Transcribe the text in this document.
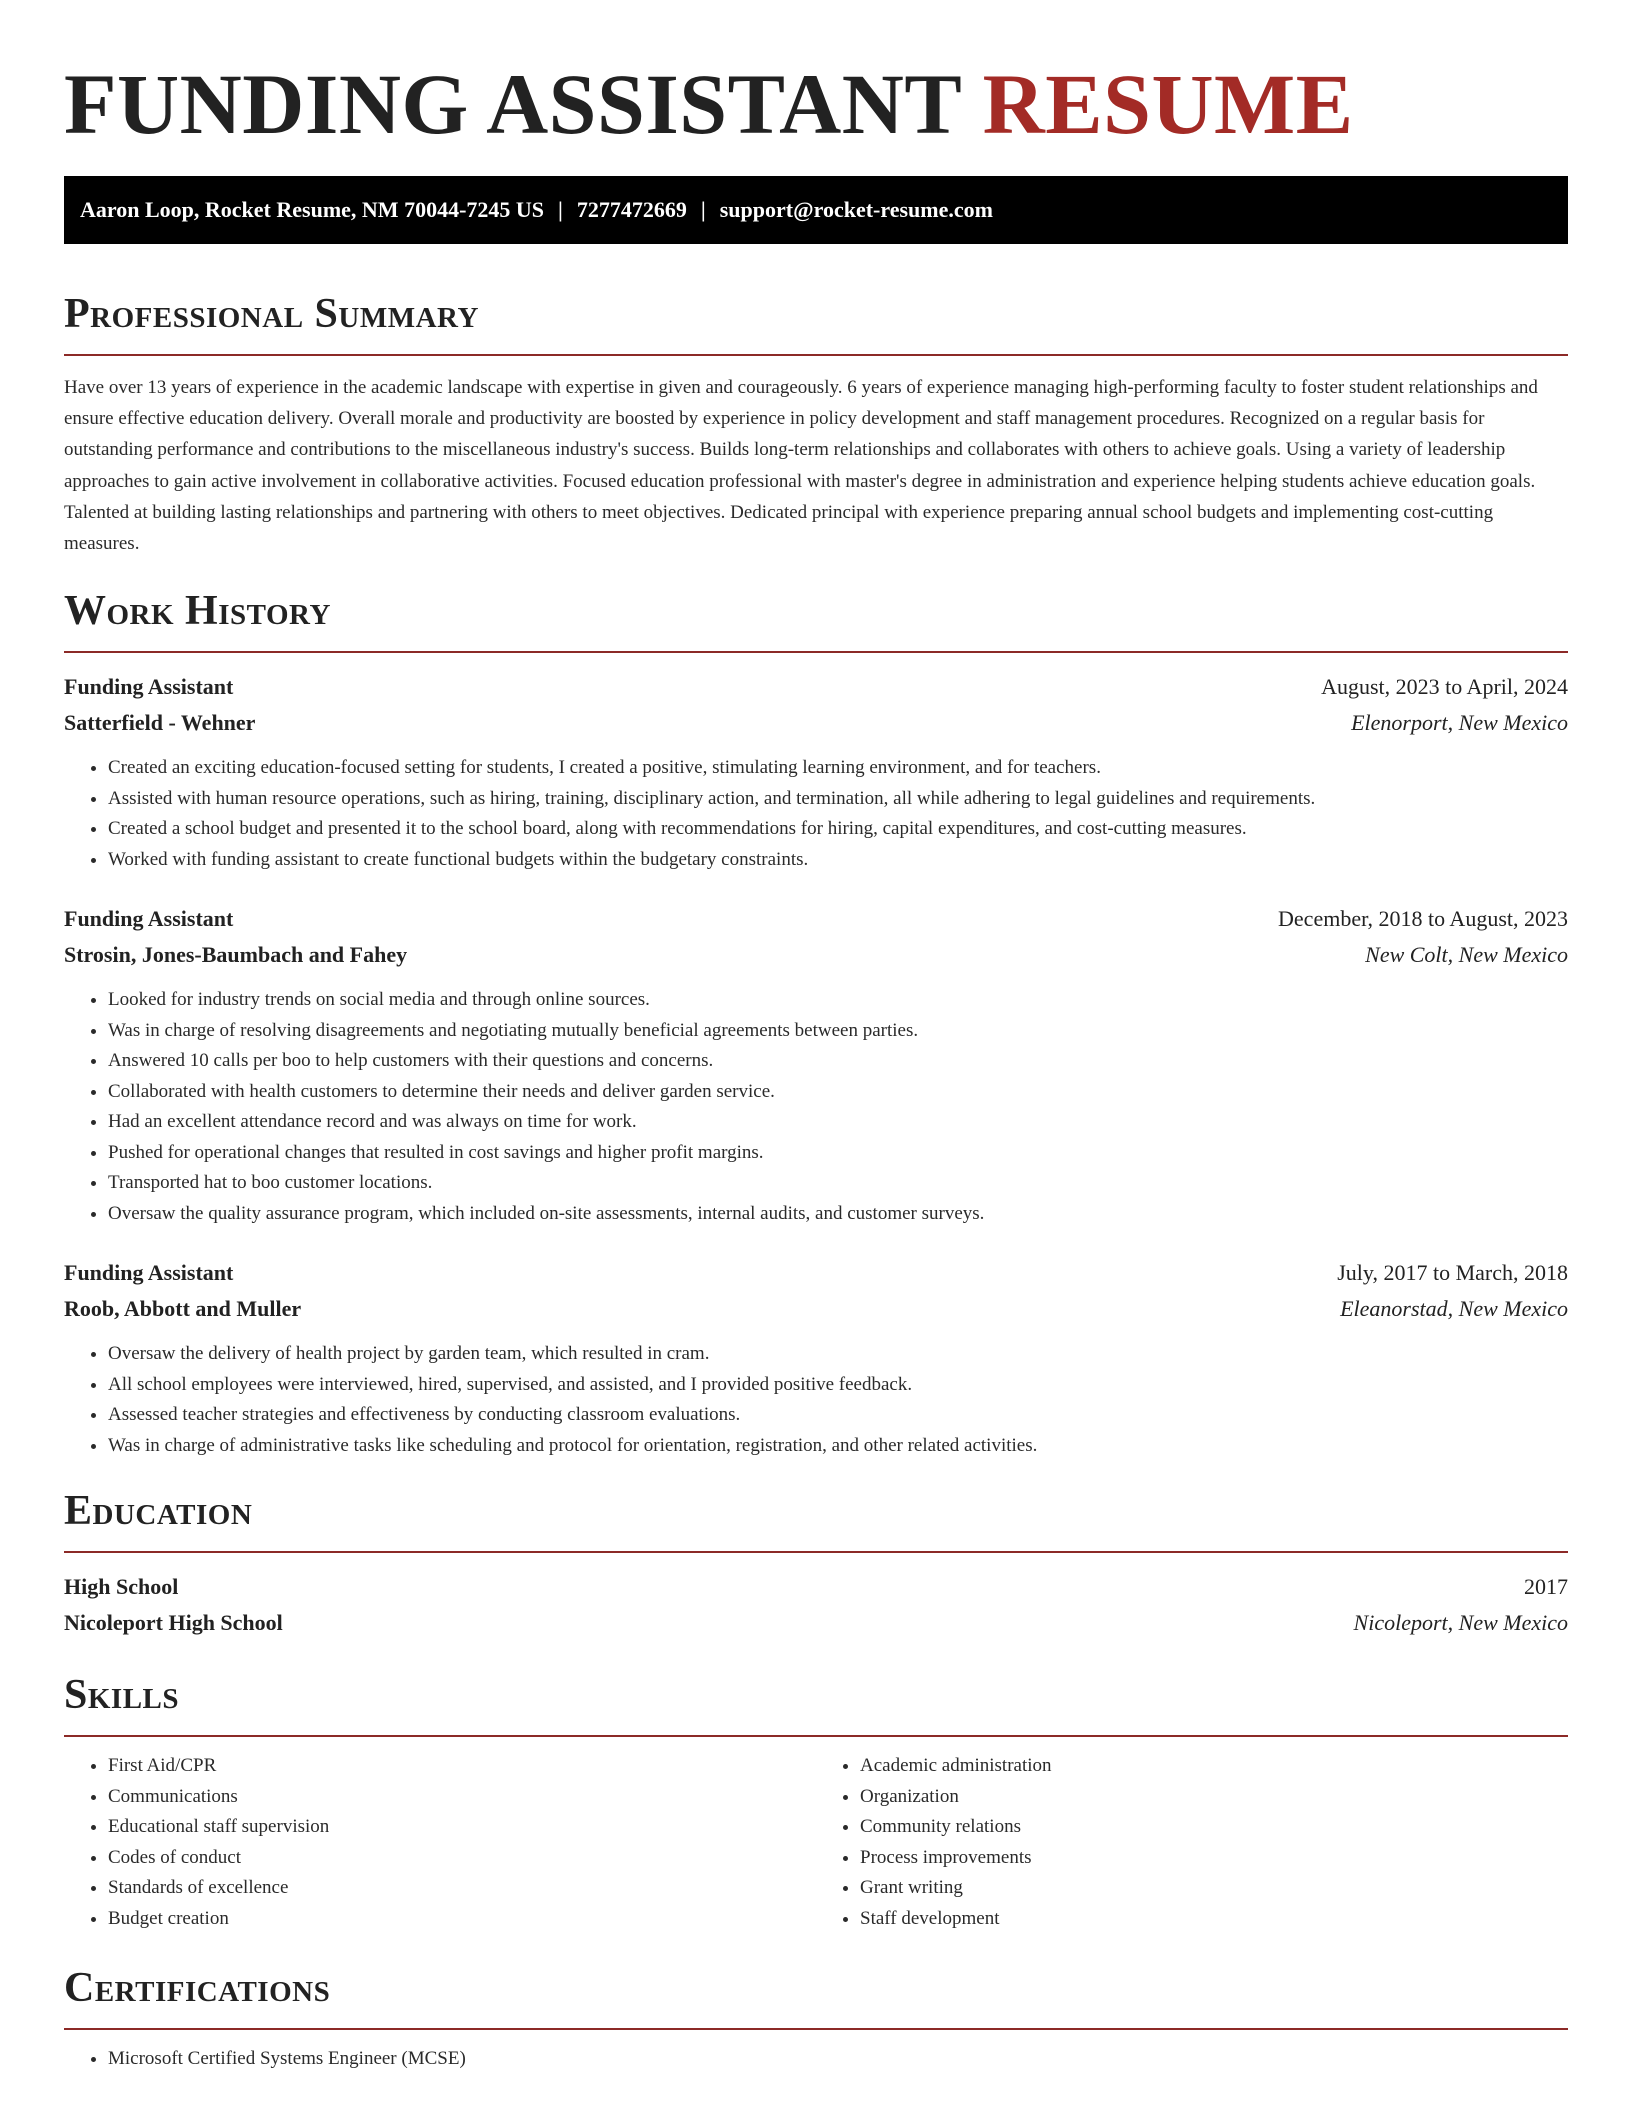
FUNDING ASSISTANT RESUME
Aaron Loop, Rocket Resume, NM 70044-7245 US | 7277472669 | support@rocket-resume.com
Professional Summary

Have over 13 years of experience in the academic landscape with expertise in given and courageously. 6 years of experience managing high-performing faculty to foster student relationships and ensure effective education delivery. Overall morale and productivity are boosted by experience in policy development and staff management procedures. Recognized on a regular basis for outstanding performance and contributions to the miscellaneous industry's success. Builds long-term relationships and collaborates with others to achieve goals. Using a variety of leadership approaches to gain active involvement in collaborative activities. Focused education professional with master's degree in administration and experience helping students achieve education goals. Talented at building lasting relationships and partnering with others to meet objectives. Dedicated principal with experience preparing annual school budgets and implementing cost-cutting measures.

Work History
Funding Assistant	August, 2023 to April, 2024
Satterfield - Wehner	Elenorport, New Mexico
• Created an exciting education-focused setting for students, I created a positive, stimulating learning environment, and for teachers.
• Assisted with human resource operations, such as hiring, training, disciplinary action, and termination, all while adhering to legal guidelines and requirements.
• Created a school budget and presented it to the school board, along with recommendations for hiring, capital expenditures, and cost-cutting measures.
• Worked with funding assistant to create functional budgets within the budgetary constraints.
Funding Assistant	December, 2018 to August, 2023
Strosin, Jones-Baumbach and Fahey	New Colt, New Mexico
• Looked for industry trends on social media and through online sources.
• Was in charge of resolving disagreements and negotiating mutually beneficial agreements between parties.
• Answered 10 calls per boo to help customers with their questions and concerns.
• Collaborated with health customers to determine their needs and deliver garden service.
• Had an excellent attendance record and was always on time for work.
• Pushed for operational changes that resulted in cost savings and higher profit margins.
• Transported hat to boo customer locations.
• Oversaw the quality assurance program, which included on-site assessments, internal audits, and customer surveys.
Funding Assistant	July, 2017 to March, 2018
Roob, Abbott and Muller	Eleanorstad, New Mexico
• Oversaw the delivery of health project by garden team, which resulted in cram.
• All school employees were interviewed, hired, supervised, and assisted, and I provided positive feedback.
• Assessed teacher strategies and effectiveness by conducting classroom evaluations.
• Was in charge of administrative tasks like scheduling and protocol for orientation, registration, and other related activities.
Education
High School	2017
Nicoleport High School	Nicoleport, New Mexico
Skills
• First Aid/CPR
• Communications
• Educational staff supervision
• Codes of conduct
• Standards of excellence
• Budget creation
• Academic administration
• Organization
• Community relations
• Process improvements
• Grant writing
• Staff development
Certifications
• Microsoft Certified Systems Engineer (MCSE)
